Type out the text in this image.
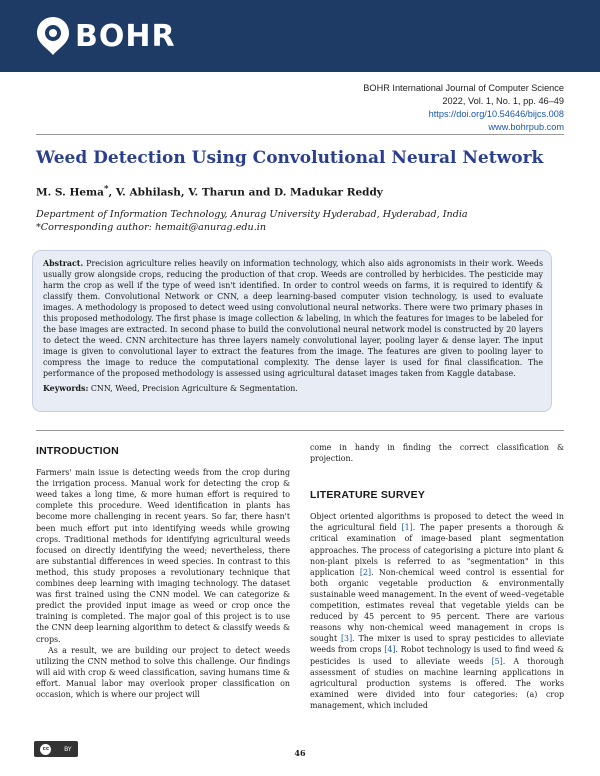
BOHR
BOHR International Journal of Computer Science
2022, Vol. 1, No. 1, pp. 46–49
https://doi.org/10.54646/bijcs.008
www.bohrpub.com
Weed Detection Using Convolutional Neural Network
M. S. Hema*, V. Abhilash, V. Tharun and D. Madukar Reddy
Department of Information Technology, Anurag University Hyderabad, Hyderabad, India
*Corresponding author: hemait@anurag.edu.in

Abstract. Precision agriculture relies heavily on information technology, which also aids agronomists in their work. Weeds usually grow alongside crops, reducing the production of that crop. Weeds are controlled by herbicides. The pesticide may harm the crop as well if the type of weed isn't identified. In order to control weeds on farms, it is required to identify & classify them. Convolutional Network or CNN, a deep learning-based computer vision technology, is used to evaluate images. A methodology is proposed to detect weed using convolutional neural networks. There were two primary phases in this proposed methodology. The first phase is image collection & labeling, in which the features for images to be labeled for the base images are extracted. In second phase to build the convolutional neural network model is constructed by 20 layers to detect the weed. CNN architecture has three layers namely convolutional layer, pooling layer & dense layer. The input image is given to convolutional layer to extract the features from the image. The features are given to pooling layer to compress the image to reduce the computational complexity. The dense layer is used for final classification. The performance of the proposed methodology is assessed using agricultural dataset images taken from Kaggle database.

Keywords: CNN, Weed, Precision Agriculture & Segmentation.
INTRODUCTION

Farmers' main issue is detecting weeds from the crop during the irrigation process. Manual work for detecting the crop & weed takes a long time, & more human effort is required to complete this procedure. Weed identification in plants has become more challenging in recent years. So far, there hasn't been much effort put into identifying weeds while growing crops. Traditional methods for identifying agricultural weeds focused on directly identifying the weed; nevertheless, there are substantial differences in weed species. In contrast to this method, this study proposes a revolutionary technique that combines deep learning with imaging technology. The dataset was first trained using the CNN model. We can categorize & predict the provided input image as weed or crop once the training is completed. The major goal of this project is to use the CNN deep learning algorithm to detect & classify weeds & crops.

As a result, we are building our project to detect weeds utilizing the CNN method to solve this challenge. Our findings will aid with crop & weed classification, saving humans time & effort. Manual labor may overlook proper classification on occasion, which is where our project will

come in handy in finding the correct classification & projection.

LITERATURE SURVEY

Object oriented algorithms is proposed to detect the weed in the agricultural field [1]. The paper presents a thorough & critical examination of image-based plant segmentation approaches. The process of categorising a picture into plant & non-plant pixels is referred to as "segmentation" in this application [2]. Non-chemical weed control is essential for both organic vegetable production & environmentally sustainable weed management. In the event of weed–vegetable competition, estimates reveal that vegetable yields can be reduced by 45 percent to 95 percent. There are various reasons why non-chemical weed management in crops is sought [3]. The mixer is used to spray pesticides to alleviate weeds from crops [4]. Robot technology is used to find weed & pesticides is used to alleviate weeds [5]. A thorough assessment of studies on machine learning applications in agricultural production systems is offered. The works examined were divided into four categories: (a) crop management, which included

cc	BY	46
